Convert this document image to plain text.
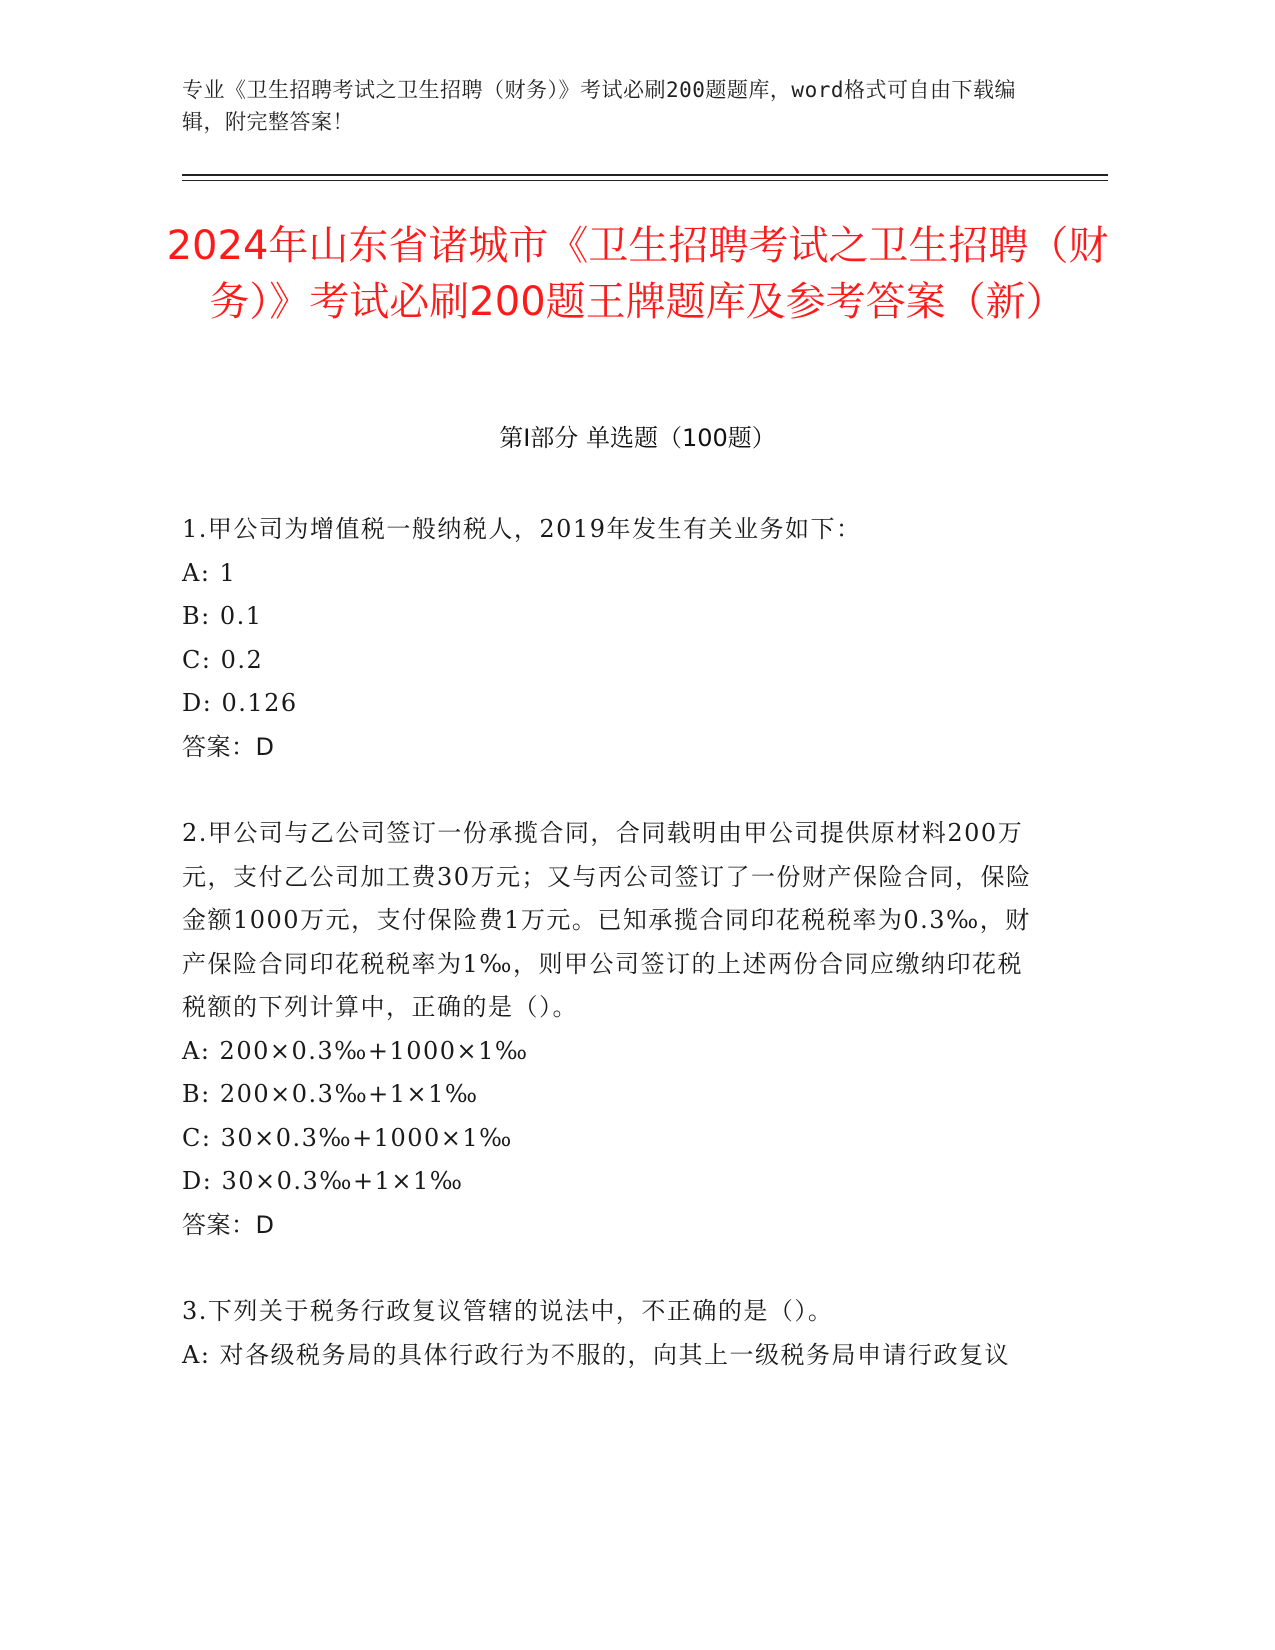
专业《卫生招聘考试之卫生招聘（财务）》考试必刷200题题库，word格式可自由下载编辑，附完整答案！
2024年山东省诸城市《卫生招聘考试之卫生招聘（财务）》考试必刷200题王牌题库及参考答案（新）
第I部分 单选题（100题）

1.甲公司为增值税一般纳税人，2019年发生有关业务如下：

A: 1

B: 0.1

C: 0.2

D: 0.126

答案：D

2.甲公司与乙公司签订一份承揽合同，合同载明由甲公司提供原材料200万元，支付乙公司加工费30万元；又与丙公司签订了一份财产保险合同，保险金额1000万元，支付保险费1万元。已知承揽合同印花税税率为0.3‰，财产保险合同印花税税率为1‰，则甲公司签订的上述两份合同应缴纳印花税税额的下列计算中，正确的是（）。

A: 200×0.3‰+1000×1‰

B: 200×0.3‰+1×1‰

C: 30×0.3‰+1000×1‰

D: 30×0.3‰+1×1‰

答案：D

3.下列关于税务行政复议管辖的说法中，不正确的是（）。

A: 对各级税务局的具体行政行为不服的，向其上一级税务局申请行政复议
